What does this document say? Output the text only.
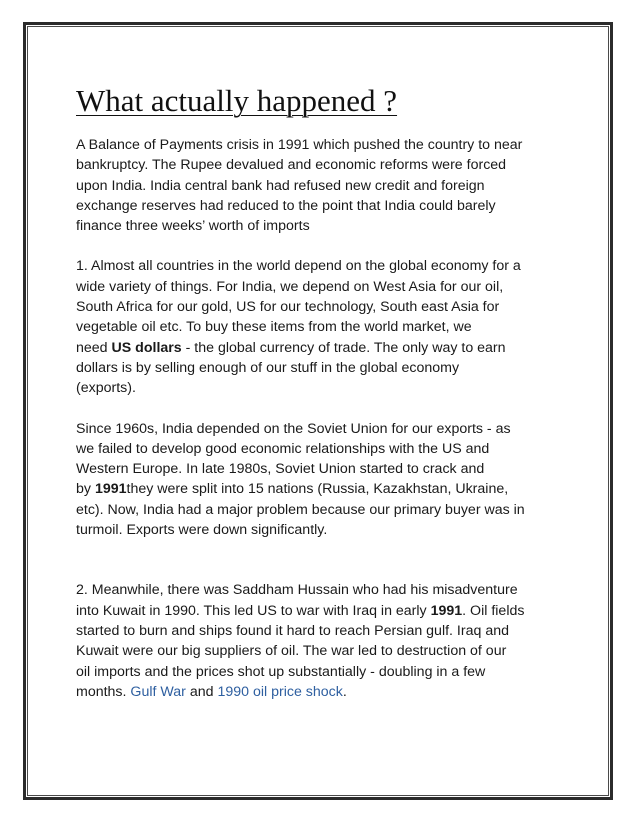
What actually happened ?

A Balance of Payments crisis in 1991 which pushed the country to near
bankruptcy. The Rupee devalued and economic reforms were forced
upon India. India central bank had refused new credit and foreign
exchange reserves had reduced to the point that India could barely
finance three weeks’ worth of imports

1. Almost all countries in the world depend on the global economy for a
wide variety of things. For India, we depend on West Asia for our oil,
South Africa for our gold, US for our technology, South east Asia for
vegetable oil etc. To buy these items from the world market, we
need US dollars - the global currency of trade. The only way to earn
dollars is by selling enough of our stuff in the global economy
(exports).

Since 1960s, India depended on the Soviet Union for our exports - as
we failed to develop good economic relationships with the US and
Western Europe. In late 1980s, Soviet Union started to crack and
by 1991they were split into 15 nations (Russia, Kazakhstan, Ukraine,
etc). Now, India had a major problem because our primary buyer was in
turmoil. Exports were down significantly.

2. Meanwhile, there was Saddham Hussain who had his misadventure
into Kuwait in 1990. This led US to war with Iraq in early 1991. Oil fields
started to burn and ships found it hard to reach Persian gulf. Iraq and
Kuwait were our big suppliers of oil. The war led to destruction of our
oil imports and the prices shot up substantially - doubling in a few
months. Gulf War and 1990 oil price shock.
